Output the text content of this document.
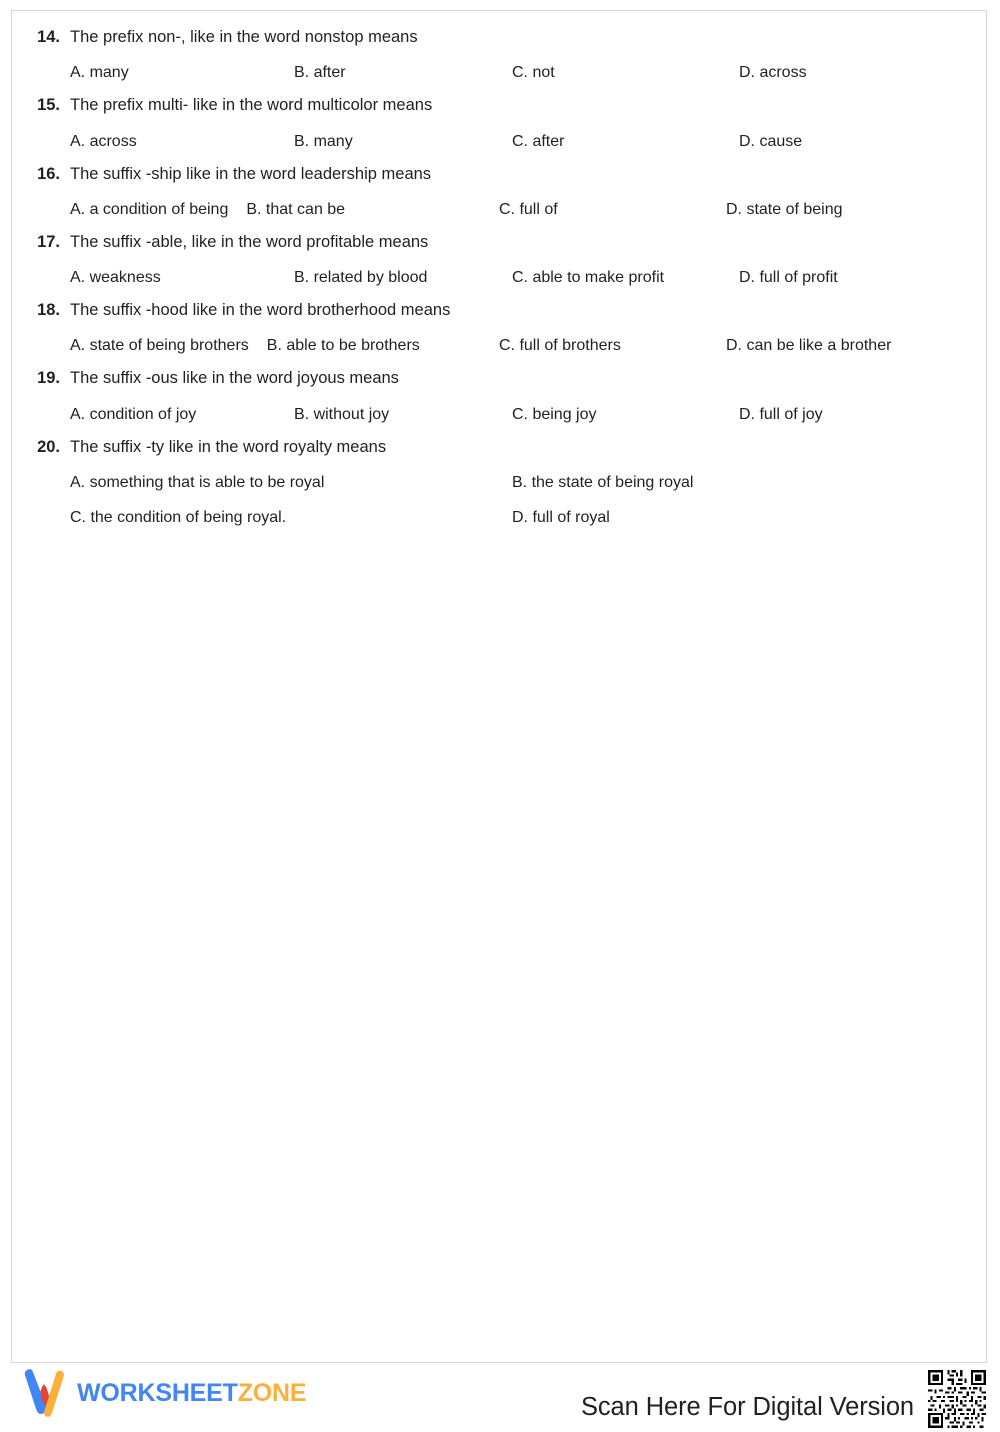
14. The prefix non-, like in the word nonstop means
A. many	B. after	C. not	D. across
15. The prefix multi- like in the word multicolor means
A. across	B. many	C. after	D. cause
16. The suffix -ship like in the word leadership means
A. a condition of being	B. that can be	C. full of	D. state of being
17. The suffix -able, like in the word profitable means
A. weakness	B. related by blood	C. able to make profit	D. full of profit
18. The suffix -hood like in the word brotherhood means
A. state of being brothers	B. able to be brothers	C. full of brothers	D. can be like a brother
19. The suffix -ous like in the word joyous means
A. condition of joy	B. without joy	C. being joy	D. full of joy
20. The suffix -ty like in the word royalty means
A. something that is able to be royal	B. the state of being royal
C. the condition of being royal.	D. full of royal
WORKSHEETZONE	Scan Here For Digital Version
